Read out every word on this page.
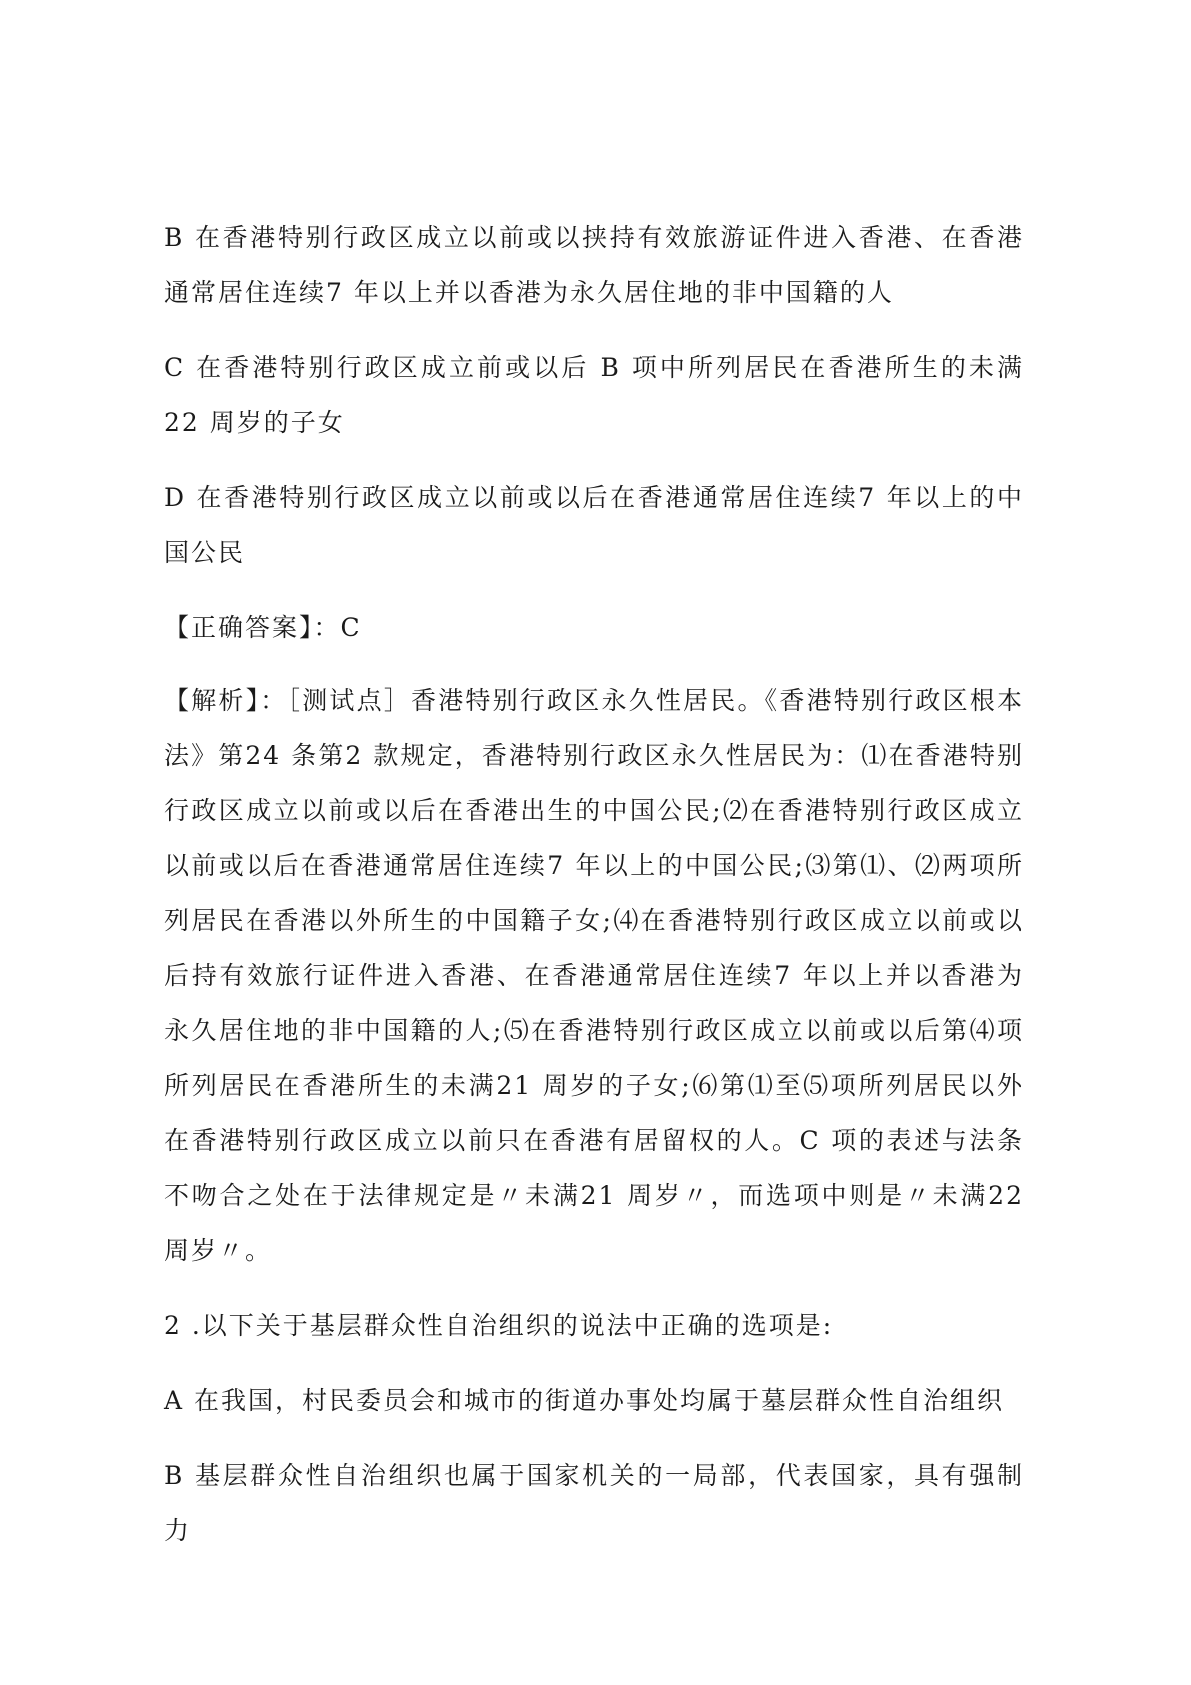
B 在香港特别行政区成立以前或以挟持有效旅游证件进入香港、在香港通常居住连续7 年以上并以香港为永久居住地的非中国籍的人

C 在香港特别行政区成立前或以后 B 项中所列居民在香港所生的未满22 周岁的子女

D 在香港特别行政区成立以前或以后在香港通常居住连续7 年以上的中国公民

【正确答案】：C

【解析】：［测试点］香港特别行政区永久性居民。《香港特别行政区根本法》第24 条第2 款规定，香港特别行政区永久性居民为：⑴在香港特别行政区成立以前或以后在香港出生的中国公民;⑵在香港特别行政区成立以前或以后在香港通常居住连续7 年以上的中国公民;⑶第⑴、⑵两项所列居民在香港以外所生的中国籍子女;⑷在香港特别行政区成立以前或以后持有效旅行证件进入香港、在香港通常居住连续7 年以上并以香港为永久居住地的非中国籍的人;⑸在香港特别行政区成立以前或以后第⑷项所列居民在香港所生的未满21 周岁的子女;⑹第⑴至⑸项所列居民以外在香港特别行政区成立以前只在香港有居留权的人。C 项的表述与法条不吻合之处在于法律规定是〃未满21 周岁〃，而选项中则是〃未满22 周岁〃。

2 .以下关于基层群众性自治组织的说法中正确的选项是:

A 在我国，村民委员会和城市的街道办事处均属于墓层群众性自治组织

B 基层群众性自治组织也属于国家机关的一局部，代表国家，具有强制力
